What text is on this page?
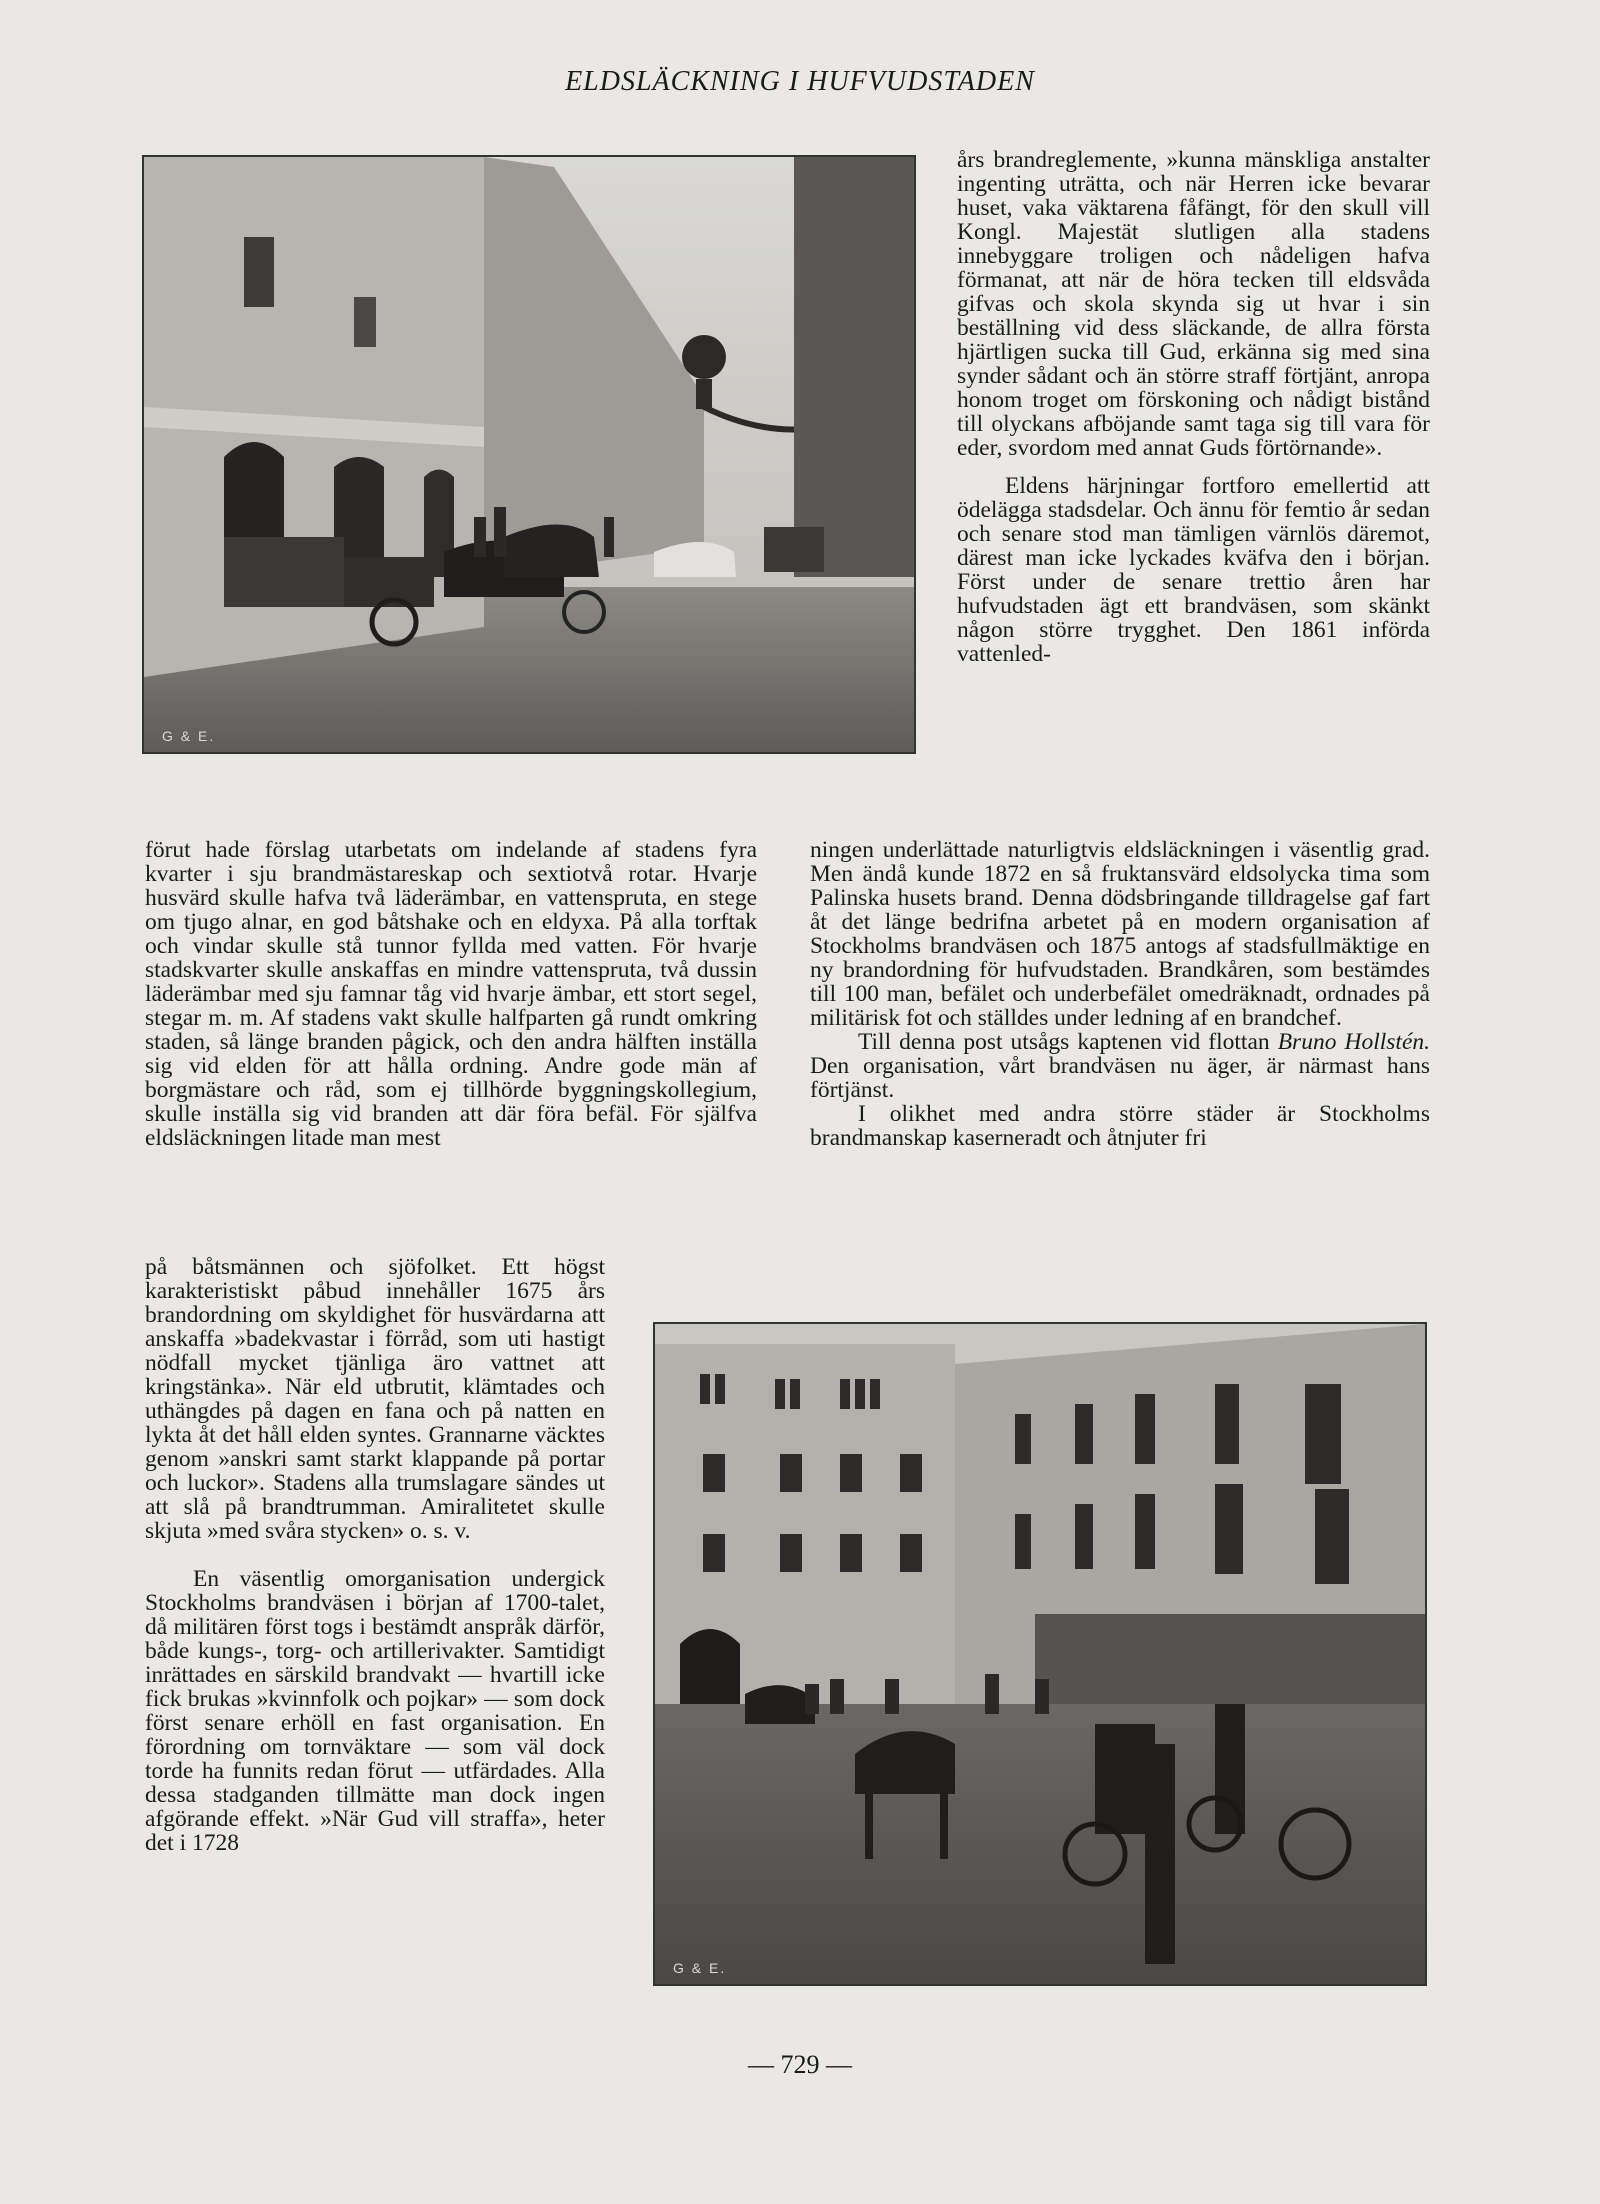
ELDSLÄCKNING I HUFVUDSTADEN
G & E.

års brandreglemente, »kunna mänskliga anstalter ingenting uträtta, och när Herren icke bevarar huset, vaka väktarena fåfängt, för den skull vill Kongl. Majestät slutligen alla stadens innebyggare troligen och nådeligen hafva förmanat, att när de höra tecken till eldsvåda gifvas och skola skynda sig ut hvar i sin beställning vid dess släckande, de allra första hjärtligen sucka till Gud, erkänna sig med sina synder sådant och än större straff förtjänt, anropa honom troget om förskoning och nådigt bistånd till olyckans afböjande samt taga sig till vara för eder, svordom med annat Guds förtörnande».

Eldens härjningar fortforo emellertid att ödelägga stadsdelar. Och ännu för femtio år sedan och senare stod man tämligen värnlös däremot, därest man icke lyckades kväfva den i början. Först under de senare trettio åren har hufvudstaden ägt ett brandväsen, som skänkt någon större trygghet. Den 1861 införda vattenled-

förut hade förslag utarbetats om indelande af stadens fyra kvarter i sju brandmästareskap och sextiotvå rotar. Hvarje husvärd skulle hafva två läderämbar, en vattenspruta, en stege om tjugo alnar, en god båtshake och en eldyxa. På alla torftak och vindar skulle stå tunnor fyllda med vatten. För hvarje stadskvarter skulle anskaffas en mindre vattenspruta, två dussin läderämbar med sju famnar tåg vid hvarje ämbar, ett stort segel, stegar m. m. Af stadens vakt skulle halfparten gå rundt omkring staden, så länge branden pågick, och den andra hälften inställa sig vid elden för att hålla ordning. Andre gode män af borgmästare och råd, som ej tillhörde byggningskollegium, skulle inställa sig vid branden att där föra befäl. För själfva eldsläckningen litade man mest

ningen underlättade naturligtvis eldsläckningen i väsentlig grad. Men ändå kunde 1872 en så fruktansvärd eldsolycka tima som Palinska husets brand. Denna dödsbringande tilldragelse gaf fart åt det länge bedrifna arbetet på en modern organisation af Stockholms brandväsen och 1875 antogs af stadsfullmäktige en ny brandordning för hufvudstaden. Brandkåren, som bestämdes till 100 man, befälet och underbefälet omedräknadt, ordnades på militärisk fot och ställdes under ledning af en brandchef.

Till denna post utsågs kaptenen vid flottan Bruno Hollstén. Den organisation, vårt brandväsen nu äger, är närmast hans förtjänst.

I olikhet med andra större städer är Stockholms brandmanskap kaserneradt och åtnjuter fri

på båtsmännen och sjöfolket. Ett högst karakteristiskt påbud innehåller 1675 års brandordning om skyldighet för husvärdarna att anskaffa »badekvastar i förråd, som uti hastigt nödfall mycket tjänliga äro vattnet att kringstänka». När eld utbrutit, klämtades och uthängdes på dagen en fana och på natten en lykta åt det håll elden syntes. Grannarne väcktes genom »anskri samt starkt klappande på portar och luckor». Stadens alla trumslagare sändes ut att slå på brandtrumman. Amiralitetet skulle skjuta »med svåra stycken» o. s. v.

En väsentlig omorganisation undergick Stockholms brandväsen i början af 1700-talet, då militären först togs i bestämdt anspråk därför, både kungs-, torg- och artillerivakter. Samtidigt inrättades en särskild brandvakt — hvartill icke fick brukas »kvinnfolk och pojkar» — som dock först senare erhöll en fast organisation. En förordning om tornväktare — som väl dock torde ha funnits redan förut — utfärdades. Alla dessa stadganden tillmätte man dock ingen afgörande effekt. »När Gud vill straffa», heter det i 1728

G & E.
— 729 —
